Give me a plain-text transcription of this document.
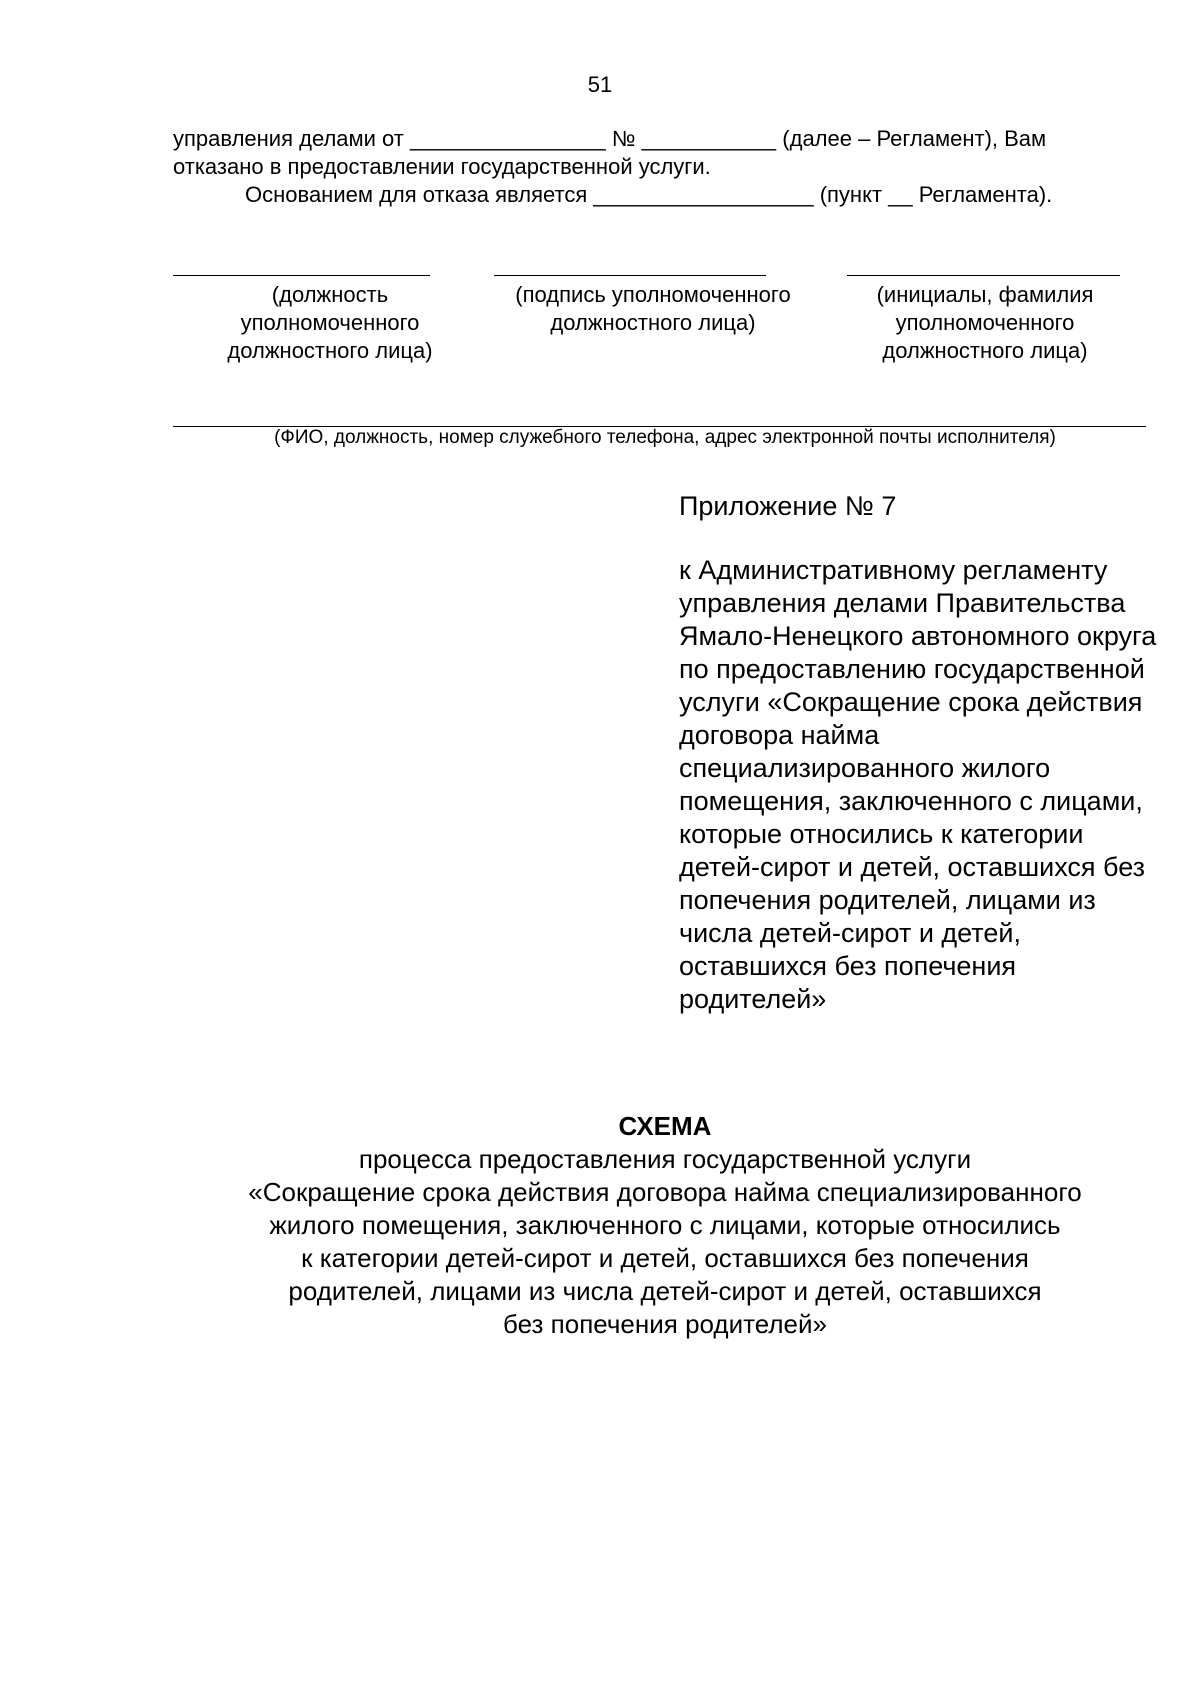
51
управления делами от ________________ № ___________ (далее – Регламент), Вам
отказано в предоставлении государственной услуги.
Основанием для отказа является __________________ (пункт __ Регламента).
(должность уполномоченного должностного лица)
(подпись уполномоченного должностного лица)
(инициалы, фамилия уполномоченного должностного лица)
(ФИО, должность, номер служебного телефона, адрес электронной почты исполнителя)
Приложение № 7
к Административному регламенту управления делами Правительства Ямало-Ненецкого автономного округа по предоставлению государственной услуги «Сокращение срока действия договора найма специализированного жилого помещения, заключенного с лицами, которые относились к категории детей-сирот и детей, оставшихся без попечения родителей, лицами из числа детей-сирот и детей, оставшихся без попечения родителей»
СХЕМА
процесса предоставления государственной услуги
«Сокращение срока действия договора найма специализированного
жилого помещения, заключенного с лицами, которые относились
к категории детей-сирот и детей, оставшихся без попечения
родителей, лицами из числа детей-сирот и детей, оставшихся
без попечения родителей»
